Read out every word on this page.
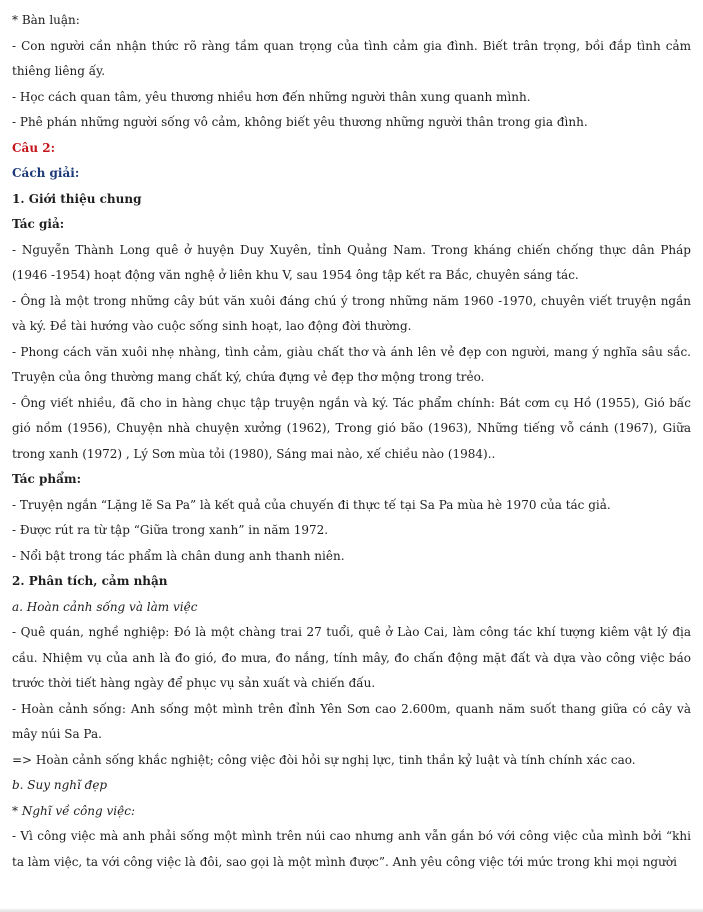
* Bàn luận:

- Con người cần nhận thức rõ ràng tầm quan trọng của tình cảm gia đình. Biết trân trọng, bồi đắp tình cảm thiêng liêng ấy.

- Học cách quan tâm, yêu thương nhiều hơn đến những người thân xung quanh mình.

- Phê phán những người sống vô cảm, không biết yêu thương những người thân trong gia đình.

Câu 2:

Cách giải:

1. Giới thiệu chung

Tác giả:

- Nguyễn Thành Long quê ở huyện Duy Xuyên, tỉnh Quảng Nam. Trong kháng chiến chống thực dân Pháp (1946 -1954) hoạt động văn nghệ ở liên khu V, sau 1954 ông tập kết ra Bắc, chuyên sáng tác.

- Ông là một trong những cây bút văn xuôi đáng chú ý trong những năm 1960 -1970, chuyên viết truyện ngắn và ký. Đề tài hướng vào cuộc sống sinh hoạt, lao động đời thường.

- Phong cách văn xuôi nhẹ nhàng, tình cảm, giàu chất thơ và ánh lên vẻ đẹp con người, mang ý nghĩa sâu sắc. Truyện của ông thường mang chất ký, chứa đựng vẻ đẹp thơ mộng trong trẻo.

- Ông viết nhiều, đã cho in hàng chục tập truyện ngắn và ký. Tác phẩm chính: Bát cơm cụ Hồ (1955), Gió bấc gió nồm (1956), Chuyện nhà chuyện xưởng (1962), Trong gió bão (1963), Những tiếng vỗ cánh (1967), Giữa trong xanh (1972) , Lý Sơn mùa tỏi (1980), Sáng mai nào, xế chiều nào (1984)..

Tác phẩm:

- Truyện ngắn “Lặng lẽ Sa Pa” là kết quả của chuyến đi thực tế tại Sa Pa mùa hè 1970 của tác giả.

- Được rút ra từ tập “Giữa trong xanh” in năm 1972.

- Nổi bật trong tác phẩm là chân dung anh thanh niên.

2. Phân tích, cảm nhận

a. Hoàn cảnh sống và làm việc

- Quê quán, nghề nghiệp: Đó là một chàng trai 27 tuổi, quê ở Lào Cai, làm công tác khí tượng kiêm vật lý địa cầu. Nhiệm vụ của anh là đo gió, đo mưa, đo nắng, tính mây, đo chấn động mặt đất và dựa vào công việc báo trước thời tiết hàng ngày để phục vụ sản xuất và chiến đấu.

- Hoàn cảnh sống: Anh sống một mình trên đỉnh Yên Sơn cao 2.600m, quanh năm suốt thang giữa có cây và mây núi Sa Pa.

=> Hoàn cảnh sống khắc nghiệt; công việc đòi hỏi sự nghị lực, tinh thần kỷ luật và tính chính xác cao.

b. Suy nghĩ đẹp

* Nghĩ về công việc:

- Vì công việc mà anh phải sống một mình trên núi cao nhưng anh vẫn gắn bó với công việc của mình bởi “khi ta làm việc, ta với công việc là đôi, sao gọi là một mình được”. Anh yêu công việc tới mức trong khi mọi người
